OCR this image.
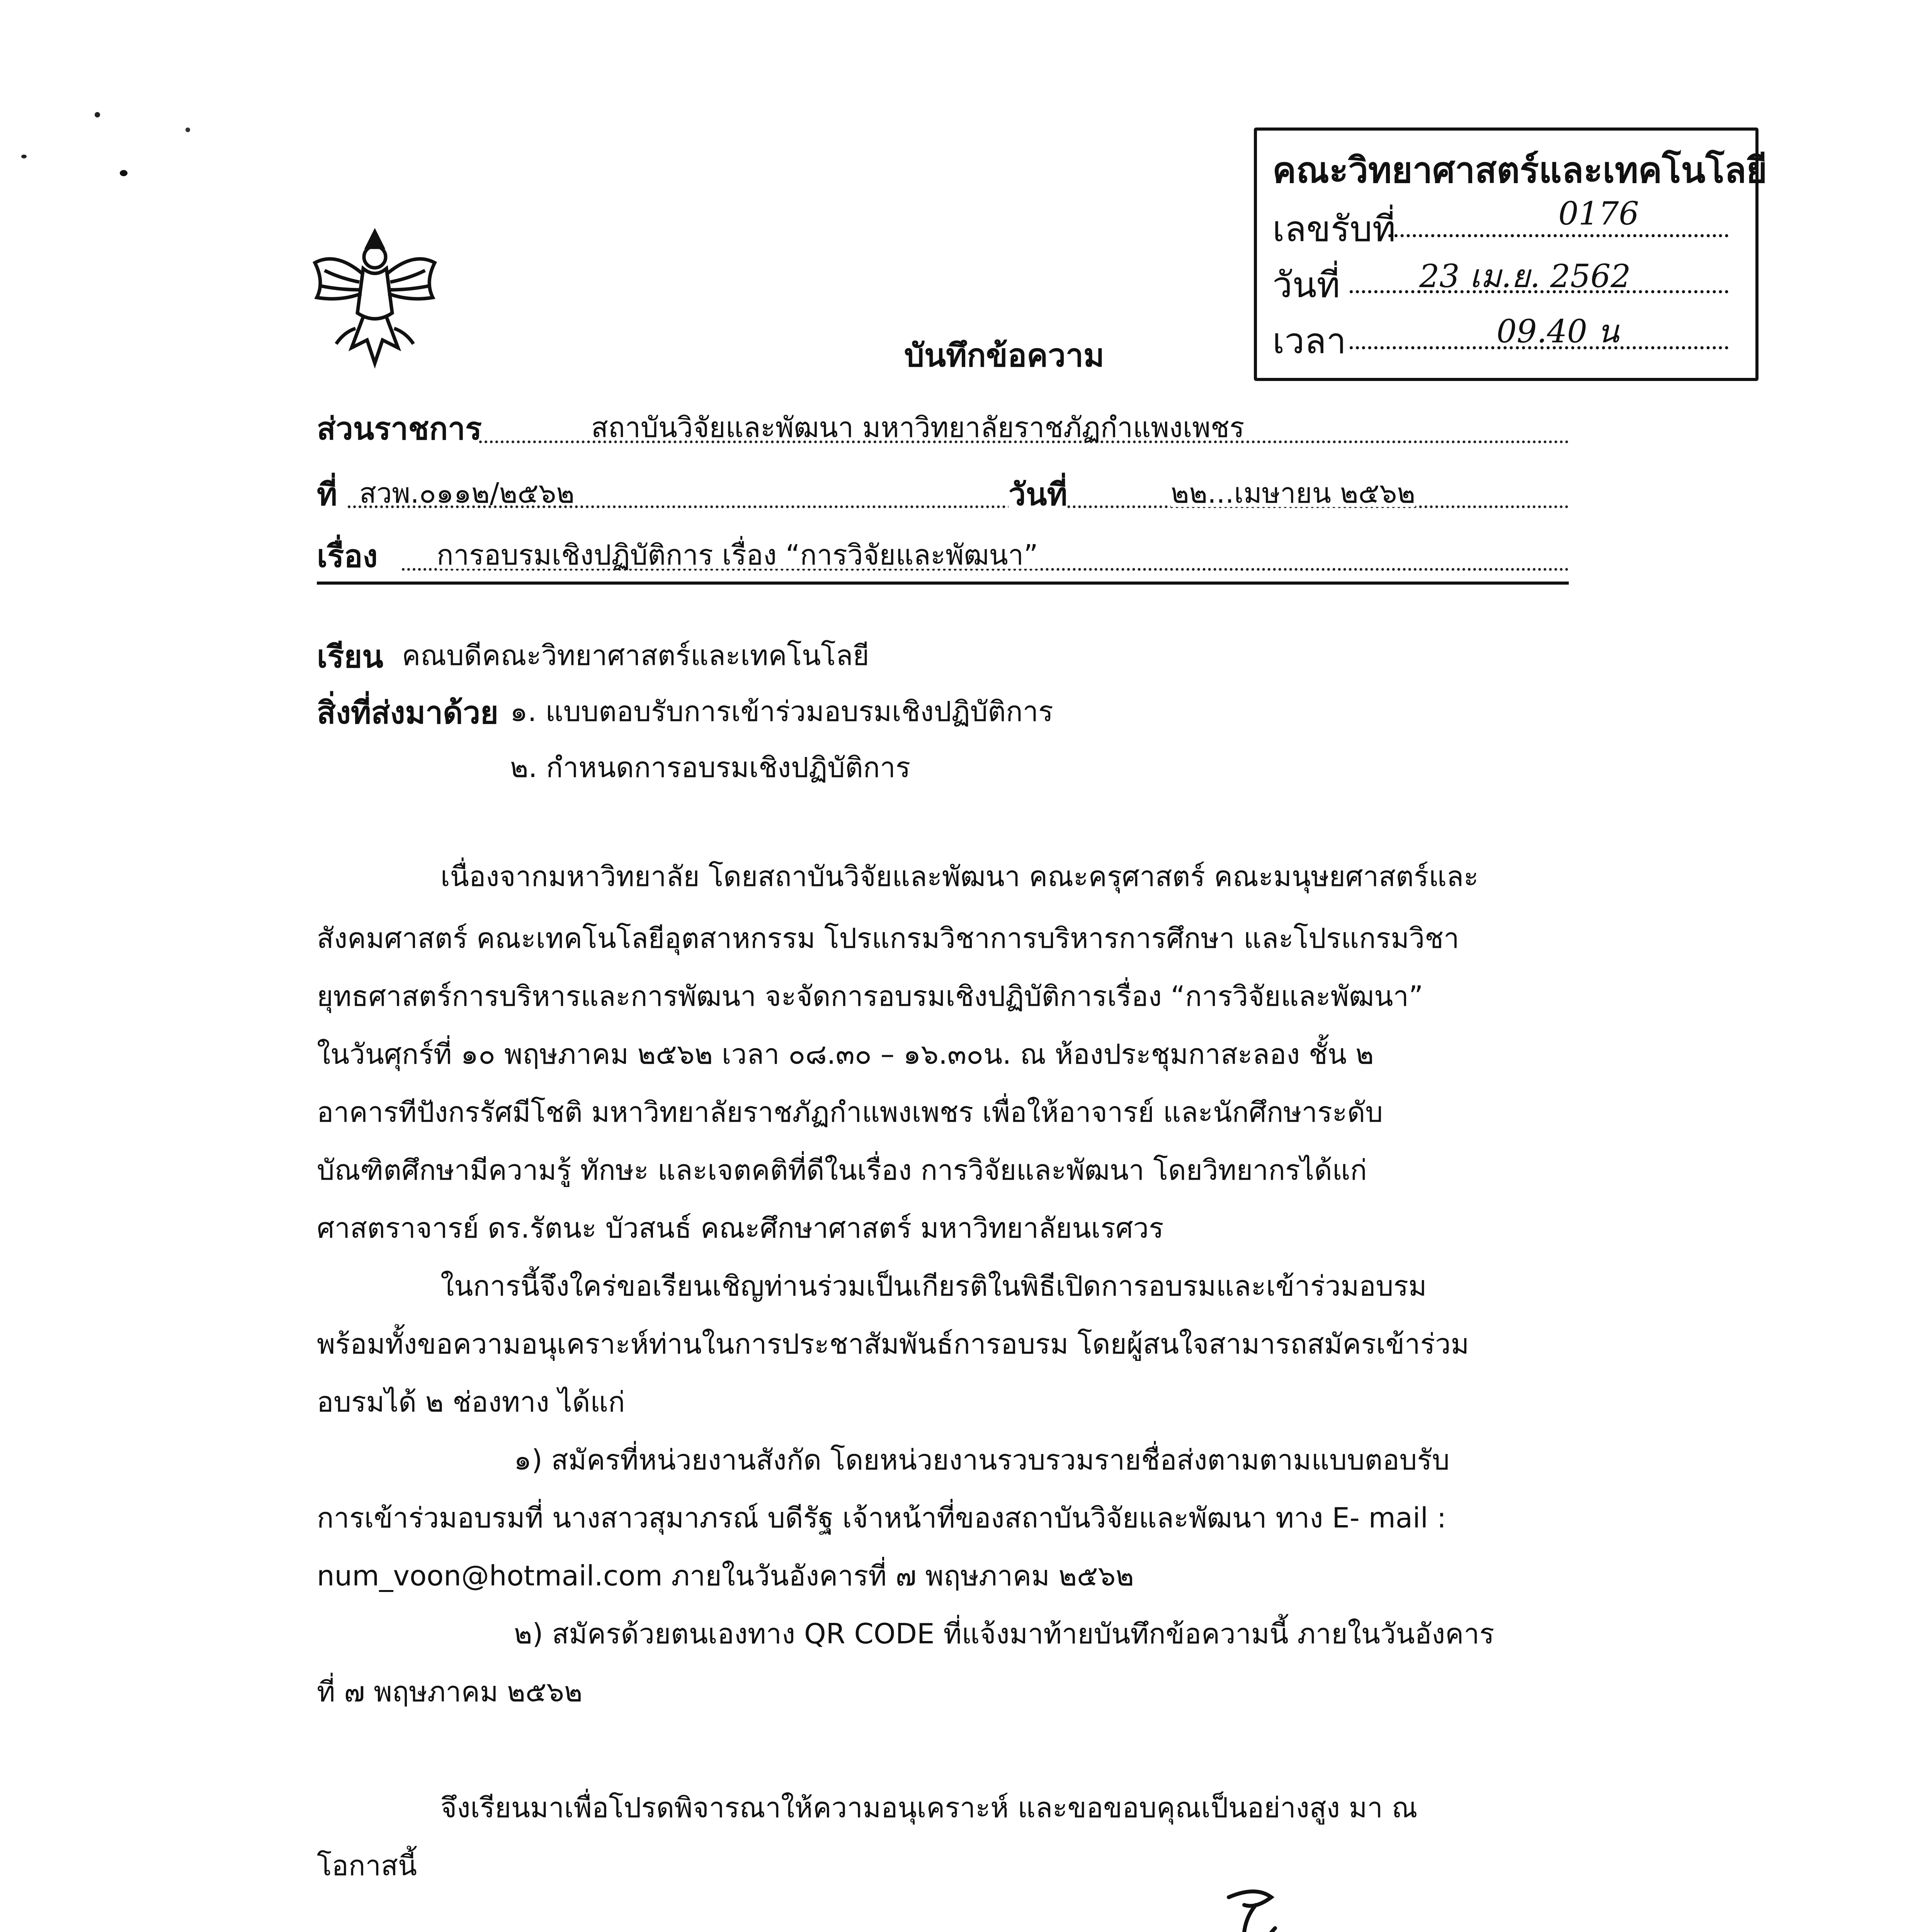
คณะวิทยาศาสตร์และเทคโนโลยี
เลขรับที่	0176
วันที่ 23 เม.ย. 2562
เวลา	09.40 น
บันทึกข้อความ
ส่วนราชการ	สถาบันวิจัยและพัฒนา มหาวิทยาลัยราชภัฏกำแพงเพชร
ที่ สวพ.๐๑๑๒/๒๕๖๒	วันที่	๒๒...เมษายน ๒๕๖๒
เรื่อง การอบรมเชิงปฏิบัติการ เรื่อง “การวิจัยและพัฒนา”
เรียน คณบดีคณะวิทยาศาสตร์และเทคโนโลยี
สิ่งที่ส่งมาด้วย ๑. แบบตอบรับการเข้าร่วมอบรมเชิงปฏิบัติการ
๒. กำหนดการอบรมเชิงปฏิบัติการ
เนื่องจากมหาวิทยาลัย โดยสถาบันวิจัยและพัฒนา คณะครุศาสตร์ คณะมนุษยศาสตร์และ
สังคมศาสตร์ คณะเทคโนโลยีอุตสาหกรรม โปรแกรมวิชาการบริหารการศึกษา และโปรแกรมวิชา
ยุทธศาสตร์การบริหารและการพัฒนา จะจัดการอบรมเชิงปฏิบัติการเรื่อง “การวิจัยและพัฒนา”
ในวันศุกร์ที่ ๑๐ พฤษภาคม ๒๕๖๒ เวลา ๐๘.๓๐ – ๑๖.๓๐น. ณ ห้องประชุมกาสะลอง ชั้น ๒
อาคารทีปังกรรัศมีโชติ มหาวิทยาลัยราชภัฏกำแพงเพชร เพื่อให้อาจารย์ และนักศึกษาระดับ
บัณฑิตศึกษามีความรู้ ทักษะ และเจตคติที่ดีในเรื่อง การวิจัยและพัฒนา โดยวิทยากรได้แก่
ศาสตราจารย์ ดร.รัตนะ บัวสนธ์ คณะศึกษาศาสตร์ มหาวิทยาลัยนเรศวร
ในการนี้จึงใคร่ขอเรียนเชิญท่านร่วมเป็นเกียรติในพิธีเปิดการอบรมและเข้าร่วมอบรม
พร้อมทั้งขอความอนุเคราะห์ท่านในการประชาสัมพันธ์การอบรม โดยผู้สนใจสามารถสมัครเข้าร่วม
อบรมได้ ๒ ช่องทาง ได้แก่
๑) สมัครที่หน่วยงานสังกัด โดยหน่วยงานรวบรวมรายชื่อส่งตามตามแบบตอบรับ
การเข้าร่วมอบรมที่ นางสาวสุมาภรณ์ บดีรัฐ เจ้าหน้าที่ของสถาบันวิจัยและพัฒนา ทาง E- mail :
num_voon@hotmail.com ภายในวันอังคารที่ ๗ พฤษภาคม ๒๕๖๒
๒) สมัครด้วยตนเองทาง QR CODE ที่แจ้งมาท้ายบันทึกข้อความนี้ ภายในวันอังคาร
ที่ ๗ พฤษภาคม ๒๕๖๒
จึงเรียนมาเพื่อโปรดพิจารณาให้ความอนุเคราะห์ และขอขอบคุณเป็นอย่างสูง มา ณ
โอกาสนี้
